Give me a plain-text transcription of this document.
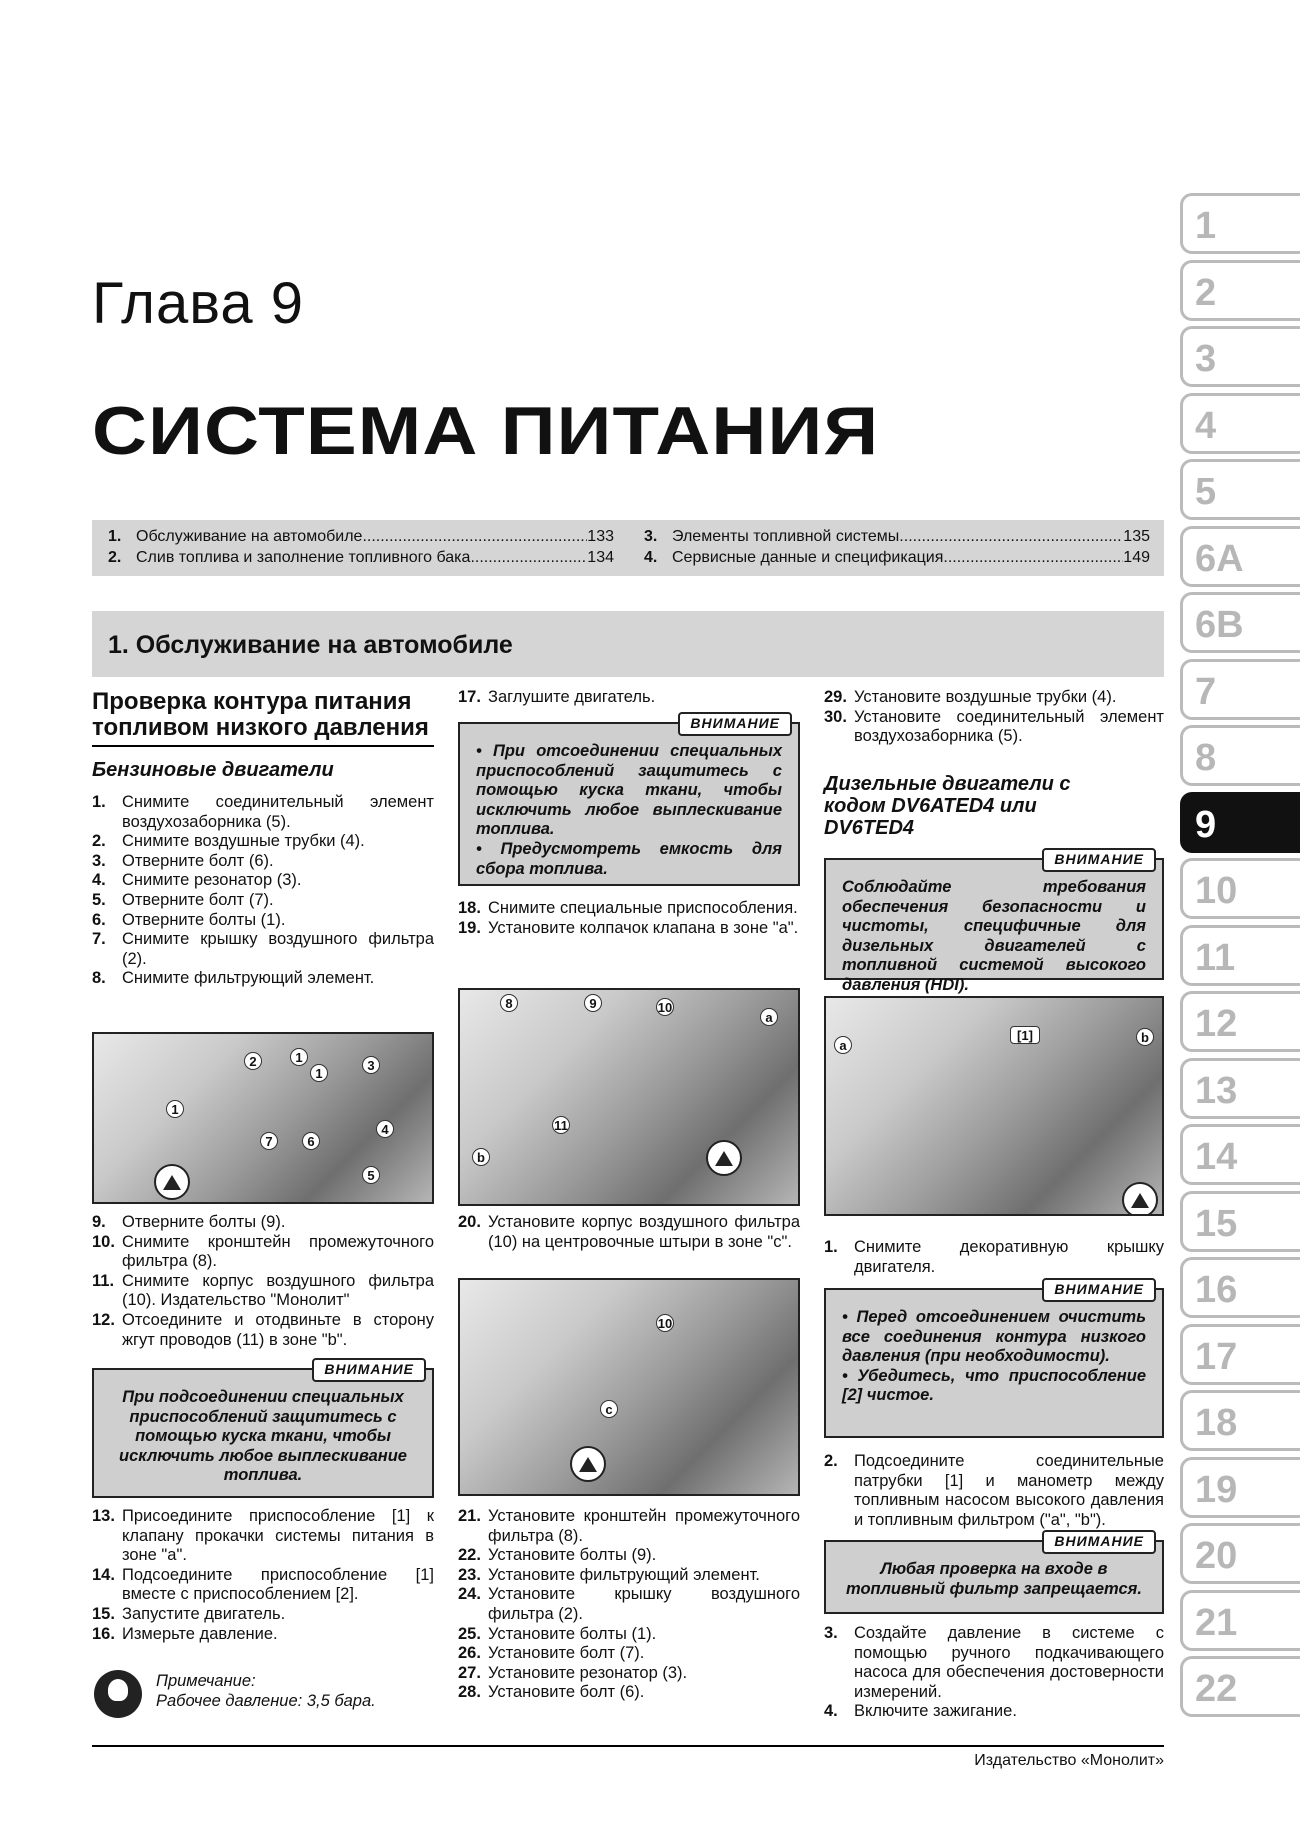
Глава 9
СИСТЕМА ПИТАНИЯ
1. Обслуживание на автомобиле .....	133
2. Слив топлива и заполнение топливного бака .....	134
3. Элементы топливной системы .....	135
4. Сервисные данные и спецификация .....	149
1. Обслуживание на автомобиле
Проверка контура питания топливом низкого давления
Бензиновые двигатели
1. Снимите соединительный элемент воздухозаборника (5).
2. Снимите воздушные трубки (4).
3. Отверните болт (6).
4. Снимите резонатор (3).
5. Отверните болт (7).
6. Отверните болты (1).
7. Снимите крышку воздушного фильтра (2).
8. Снимите фильтрующий элемент.
2	1
1
3
1
7	6
4
5
9. Отверните болты (9).
10. Снимите кронштейн промежуточного фильтра (8).
11. Снимите корпус воздушного фильтра (10). Издательство "Монолит"
12. Отсоедините и отодвиньте в сторону жгут проводов (11) в зоне "b".
ВНИМАНИЕ
При подсоединении специальных приспособлений защититесь с помощью куска ткани, чтобы исключить любое выплескивание топлива.
13. Присоедините приспособление [1] к клапану прокачки системы питания в зоне "а".
14. Подсоедините приспособление [1] вместе с приспособлением [2].
15. Запустите двигатель.
16. Измерьте давление.
Примечание:
Рабочее давление: 3,5 бара.
17. Заглушите двигатель.
ВНИМАНИЕ
• При отсоединении специальных приспособлений защититесь с помощью куска ткани, чтобы исключить любое выплескивание топлива.
• Предусмотреть емкость для сбора топлива.
18. Снимите специальные приспособления.
19. Установите колпачок клапана в зоне "а".
8	9	10
а
b
11
20. Установите корпус воздушного фильтра (10) на центровочные штыри в зоне "с".
10
c
21. Установите кронштейн промежуточного фильтра (8).
22. Установите болты (9).
23. Установите фильтрующий элемент.
24. Установите крышку воздушного фильтра (2).
25. Установите болты (1).
26. Установите болт (7).
27. Установите резонатор (3).
28. Установите болт (6).
29. Установите воздушные трубки (4).
30. Установите соединительный элемент воздухозаборника (5).
Дизельные двигатели с кодом DV6ATED4 или DV6TED4
ВНИМАНИЕ
Соблюдайте требования обеспечения безопасности и чистоты, специфичные для дизельных двигателей с топливной системой высокого давления (HDI).
а
[1]	b
1. Снимите декоративную крышку двигателя.
ВНИМАНИЕ
• Перед отсоединением очистить все соединения контура низкого давления (при необходимости).
• Убедитесь, что приспособление [2] чистое.
2. Подсоедините соединительные патрубки [1] и манометр между топливным насосом высокого давления и топливным фильтром ("а", "b").
ВНИМАНИЕ
Любая проверка на входе в топливный фильтр запрещается.
3. Создайте давление в системе с помощью ручного подкачивающего насоса для обеспечения достоверности измерений.
4. Включите зажигание.
1
2
3
4
5
6A
6B
7
8
9
10
11
12
13
14
15
16
17
18
19
20
21
22
Издательство «Монолит»
